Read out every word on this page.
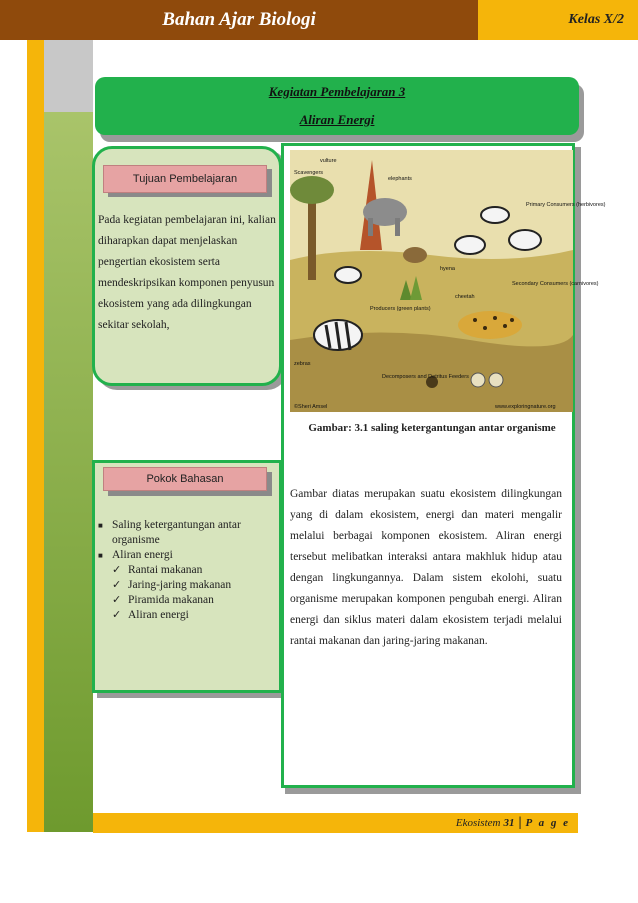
Bahan Ajar Biologi	Kelas X/2
Kegiatan Pembelajaran 3
Aliran Energi
Tujuan Pembelajaran
Pada kegiatan pembelajaran ini, kalian diharapkan dapat menjelaskan pengertian ekosistem serta mendeskripsikan komponen penyusun ekosistem yang ada dilingkungan sekitar sekolah,
Pokok Bahasan
■ Saling ketergantungan antar organisme
■ Aliran energi
✓ Rantai makanan
✓ Jaring-jaring makanan
✓ Piramida makanan
✓ Aliran energi
vulture
Scavengers
elephants
Primary Consumers (herbivores)
hyena
Producers (green plants)
cheetah
Secondary Consumers (carnivores)
zebras
Decomposers and Detritus Feeders
©Sheri Amsel	www.exploringnature.org
Gambar: 3.1 saling ketergantungan antar organisme
Gambar diatas merupakan suatu ekosistem dilingkungan yang di dalam ekosistem, energi dan materi mengalir melalui berbagai komponen ekosistem. Aliran energi tersebut melibatkan interaksi antara makhluk hidup atau dengan lingkungannya. Dalam sistem ekolohi, suatu organisme merupakan komponen pengubah energi. Aliran energi dan siklus materi dalam ekosistem terjadi melalui rantai makanan dan jaring-jaring makanan.
Ekosistem 31 | P a g e
